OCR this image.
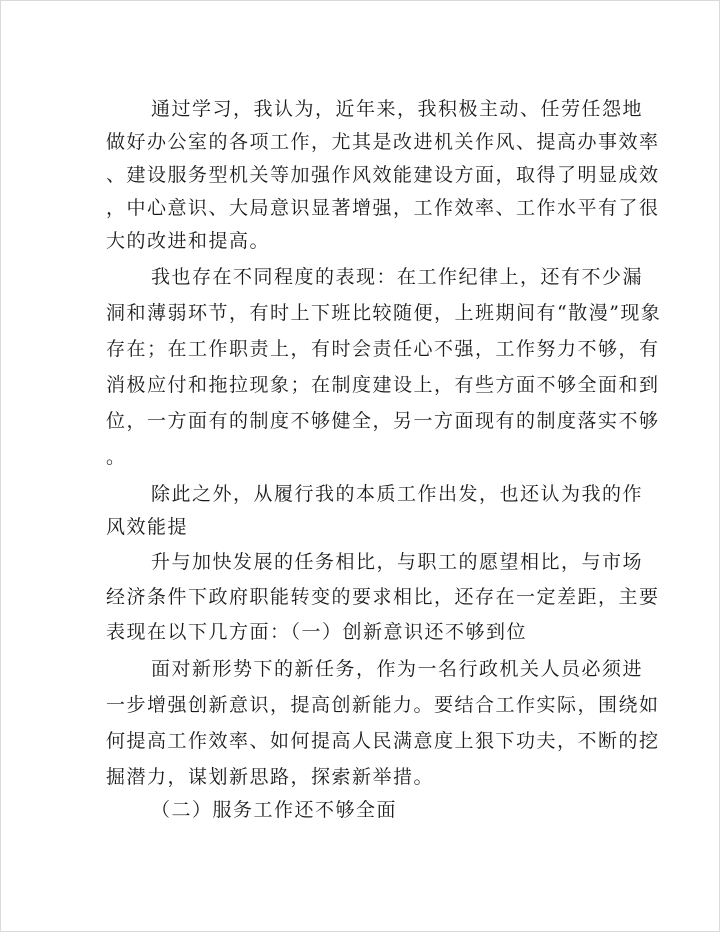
通过学习，我认为，近年来，我积极主动、任劳任怨地
做好办公室的各项工作，尤其是改进机关作风、提高办事效率
、建设服务型机关等加强作风效能建设方面，取得了明显成效
，中心意识、大局意识显著增强，工作效率、工作水平有了很
大的改进和提高。
我也存在不同程度的表现：在工作纪律上，还有不少漏
洞和薄弱环节，有时上下班比较随便，上班期间有“散漫”现象
存在；在工作职责上，有时会责任心不强，工作努力不够，有
消极应付和拖拉现象；在制度建设上，有些方面不够全面和到
位，一方面有的制度不够健全，另一方面现有的制度落实不够
。
除此之外，从履行我的本质工作出发，也还认为我的作
风效能提
升与加快发展的任务相比，与职工的愿望相比，与市场
经济条件下政府职能转变的要求相比，还存在一定差距，主要
表现在以下几方面：（一）创新意识还不够到位
面对新形势下的新任务，作为一名行政机关人员必须进
一步增强创新意识，提高创新能力。要结合工作实际，围绕如
何提高工作效率、如何提高人民满意度上狠下功夫，不断的挖
掘潜力，谋划新思路，探索新举措。
（二）服务工作还不够全面
